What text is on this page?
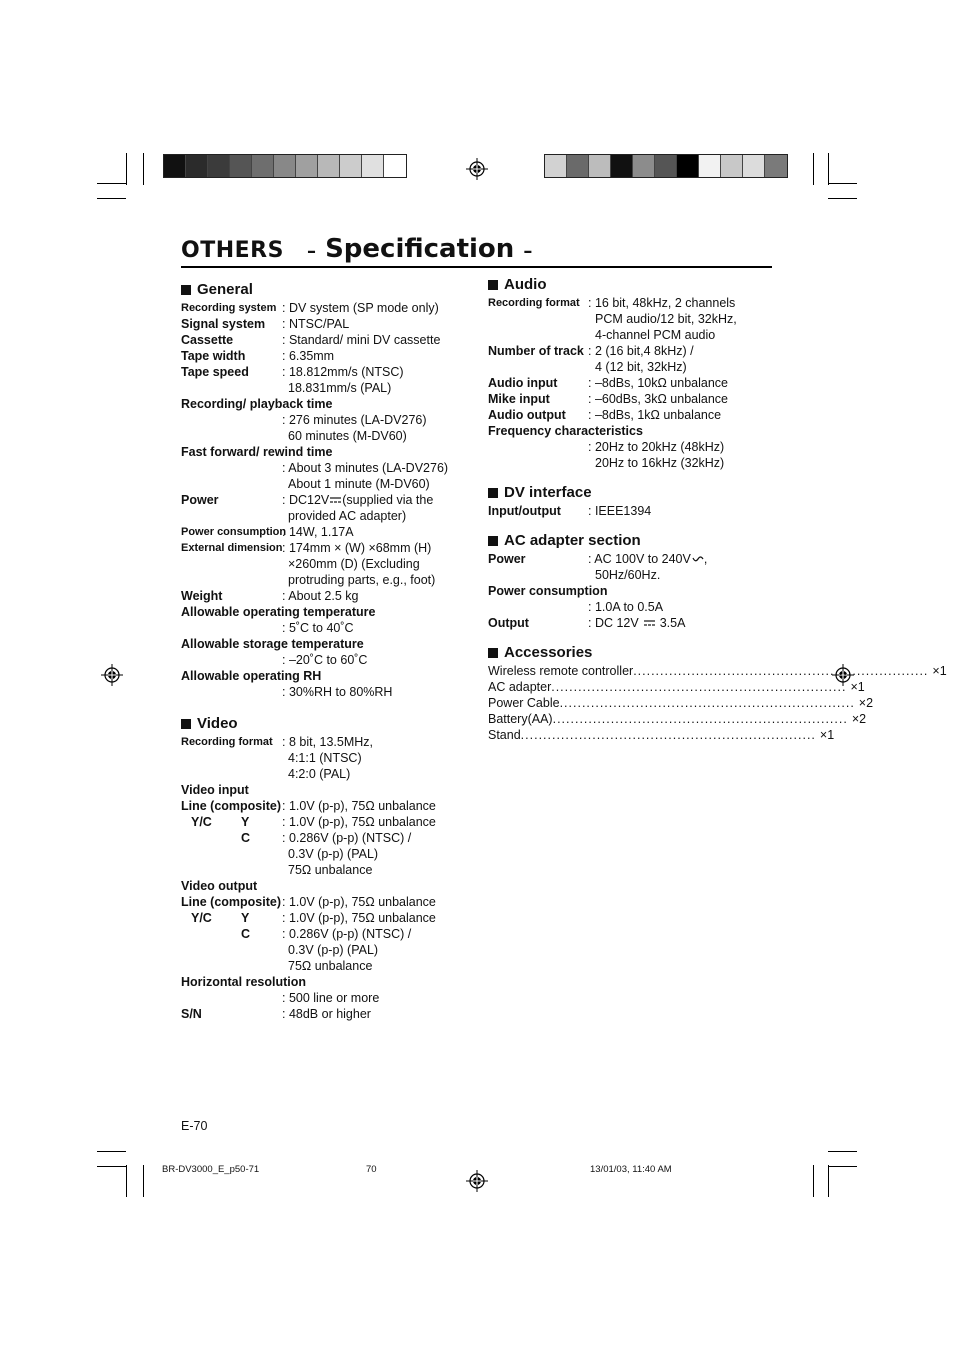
OTHERS – Specification –
General
Recording system : DV system (SP mode only)
Signal system	: NTSC/PAL
Cassette	: Standard/ mini DV cassette
Tape width	: 6.35mm
Tape speed	: 18.812mm/s (NTSC)
18.831mm/s (PAL)
Recording/ playback time
: 276 minutes (LA-DV276)
60 minutes (M-DV60)
Fast forward/ rewind time
: About 3 minutes (LA-DV276)
About 1 minute (M-DV60)
Power	: DC12V (supplied via the
provided AC adapter)
Power consumption
: 14W, 1.17A
External dimension : 174mm × (W) ×68mm (H)
×260mm (D) (Excluding
protruding parts, e.g., foot)
Weight	: About 2.5 kg
Allowable operating temperature
: 5˚C to 40˚C
Allowable storage temperature
: –20˚C to 60˚C
Allowable operating RH
: 30%RH to 80%RH
Video
Recording format : 8 bit, 13.5MHz,
4:1:1 (NTSC)
4:2:0 (PAL)
Video input
Line (composite) : 1.0V (p-p), 75Ω unbalance
Y/C	Y	: 1.0V (p-p), 75Ω unbalance
C	: 0.286V (p-p) (NTSC) /
0.3V (p-p) (PAL)
75Ω unbalance
Video output
Line (composite) : 1.0V (p-p), 75Ω unbalance
Y/C	Y	: 1.0V (p-p), 75Ω unbalance
C	: 0.286V (p-p) (NTSC) /
0.3V (p-p) (PAL)
75Ω unbalance
Horizontal resolution
: 500 line or more
S/N	: 48dB or higher
Audio
Recording format : 16 bit, 48kHz, 2 channels
PCM audio/12 bit, 32kHz,
4-channel PCM audio
Number of track : 2 (16 bit,4 8kHz) /
4 (12 bit, 32kHz)
Audio input	: –8dBs, 10kΩ unbalance
Mike input	: –60dBs, 3kΩ unbalance
Audio output	: –8dBs, 1kΩ unbalance
Frequency characteristics
: 20Hz to 20kHz (48kHz)
20Hz to 16kHz (32kHz)
DV interface
Input/output	: IEEE1394
AC adapter section
Power	: AC 100V to 240V ,
50Hz/60Hz.
Power consumption
: 1.0A to 0.5A
Output	: DC 12V 3.5A
Accessories
Wireless remote controller .................................................................. ×1
AC adapter .................................................................. ×1
Power Cable .................................................................. ×2
Battery(AA) .................................................................. ×2
Stand .................................................................. ×1
E-70
BR-DV3000_E_p50-71	70	13/01/03, 11:40 AM
